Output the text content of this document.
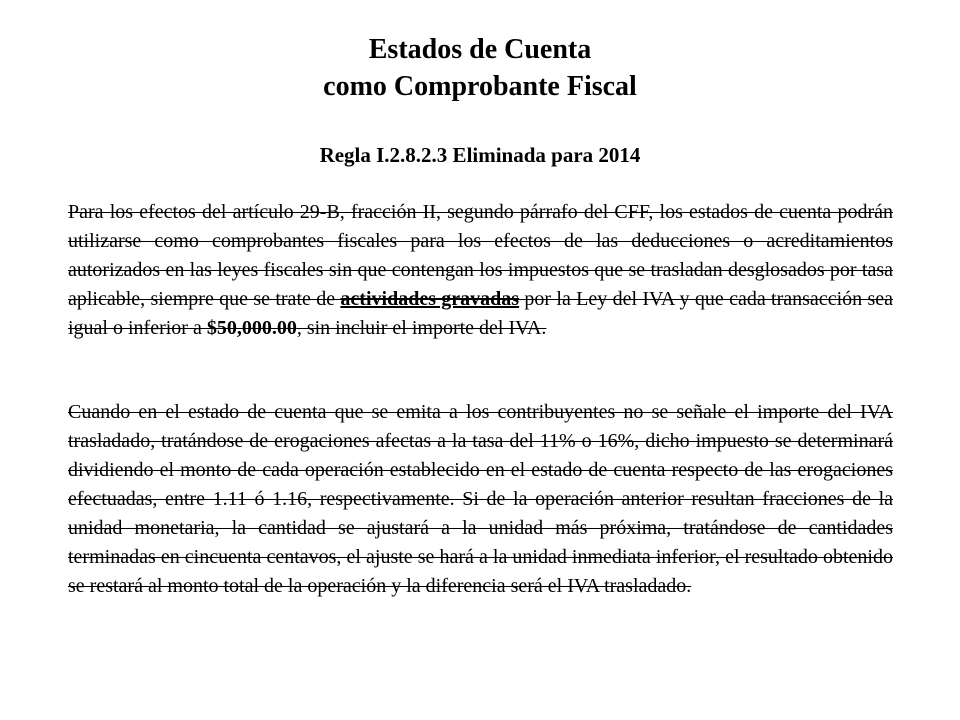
Estados de Cuenta
como Comprobante Fiscal
Regla I.2.8.2.3 Eliminada para 2014
Para los efectos del artículo 29-B, fracción II, segundo párrafo del CFF, los estados de cuenta podrán utilizarse como comprobantes fiscales para los efectos de las deducciones o acreditamientos autorizados en las leyes fiscales sin que contengan los impuestos que se trasladan desglosados por tasa aplicable, siempre que se trate de actividades gravadas por la Ley del IVA y que cada transacción sea igual o inferior a $50,000.00, sin incluir el importe del IVA.
Cuando en el estado de cuenta que se emita a los contribuyentes no se señale el importe del IVA trasladado, tratándose de erogaciones afectas a la tasa del 11% o 16%, dicho impuesto se determinará dividiendo el monto de cada operación establecido en el estado de cuenta respecto de las erogaciones efectuadas, entre 1.11 ó 1.16, respectivamente. Si de la operación anterior resultan fracciones de la unidad monetaria, la cantidad se ajustará a la unidad más próxima, tratándose de cantidades terminadas en cincuenta centavos, el ajuste se hará a la unidad inmediata inferior, el resultado obtenido se restará al monto total de la operación y la diferencia será el IVA trasladado.
